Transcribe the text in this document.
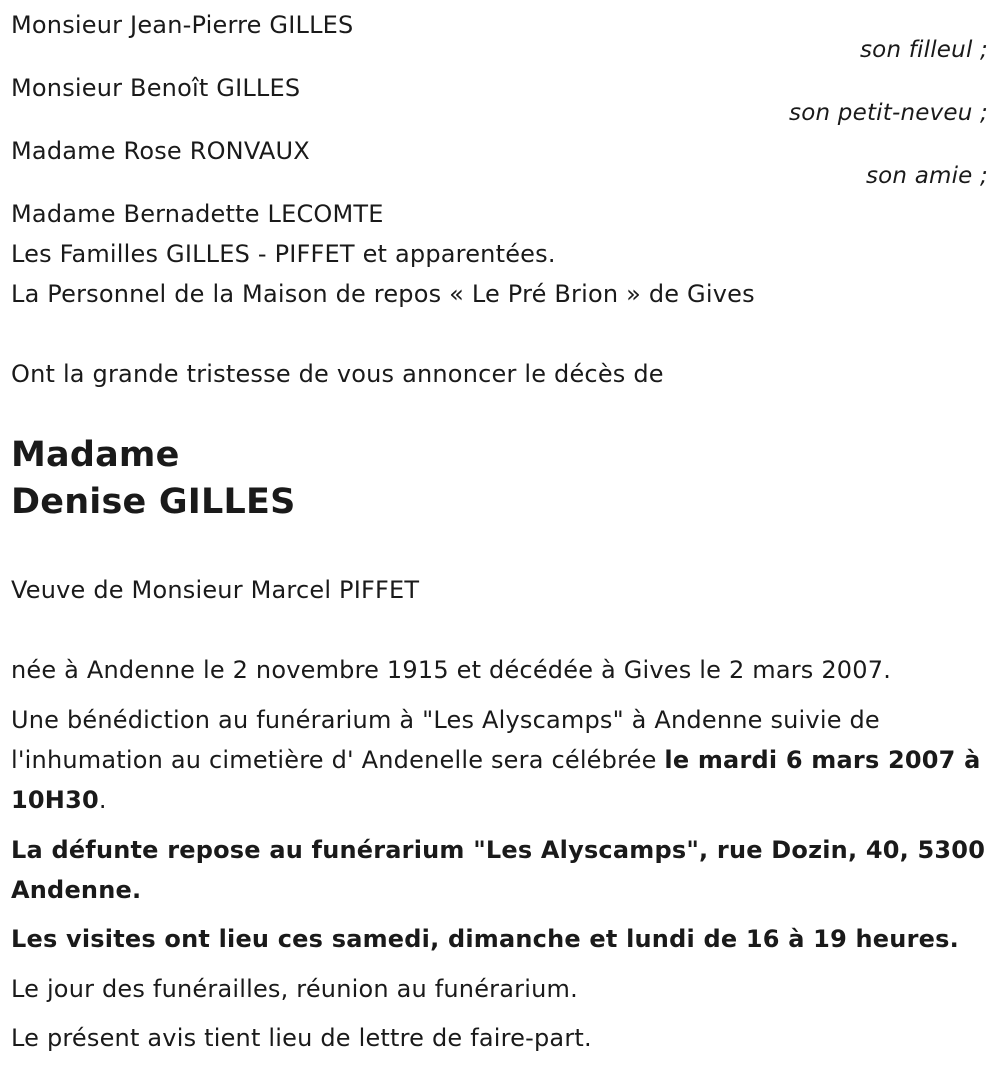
Monsieur Jean-Pierre GILLES
son filleul ;
Monsieur Benoît GILLES
son petit-neveu ;
Madame Rose RONVAUX
son amie ;
Madame Bernadette LECOMTE
Les Familles GILLES - PIFFET et apparentées.
La Personnel de la Maison de repos « Le Pré Brion » de Gives
Ont la grande tristesse de vous annoncer le décès de
Madame
Denise GILLES
Veuve de Monsieur Marcel PIFFET
née à Andenne le 2 novembre 1915 et décédée à Gives le 2 mars 2007.
Une bénédiction au funérarium à "Les Alyscamps" à Andenne suivie de l'inhumation au cimetière d' Andenelle sera célébrée le mardi 6 mars 2007 à 10H30.
La défunte repose au funérarium "Les Alyscamps", rue Dozin, 40, 5300 Andenne.
Les visites ont lieu ces samedi, dimanche et lundi de 16 à 19 heures.
Le jour des funérailles, réunion au funérarium.
Le présent avis tient lieu de lettre de faire-part.
